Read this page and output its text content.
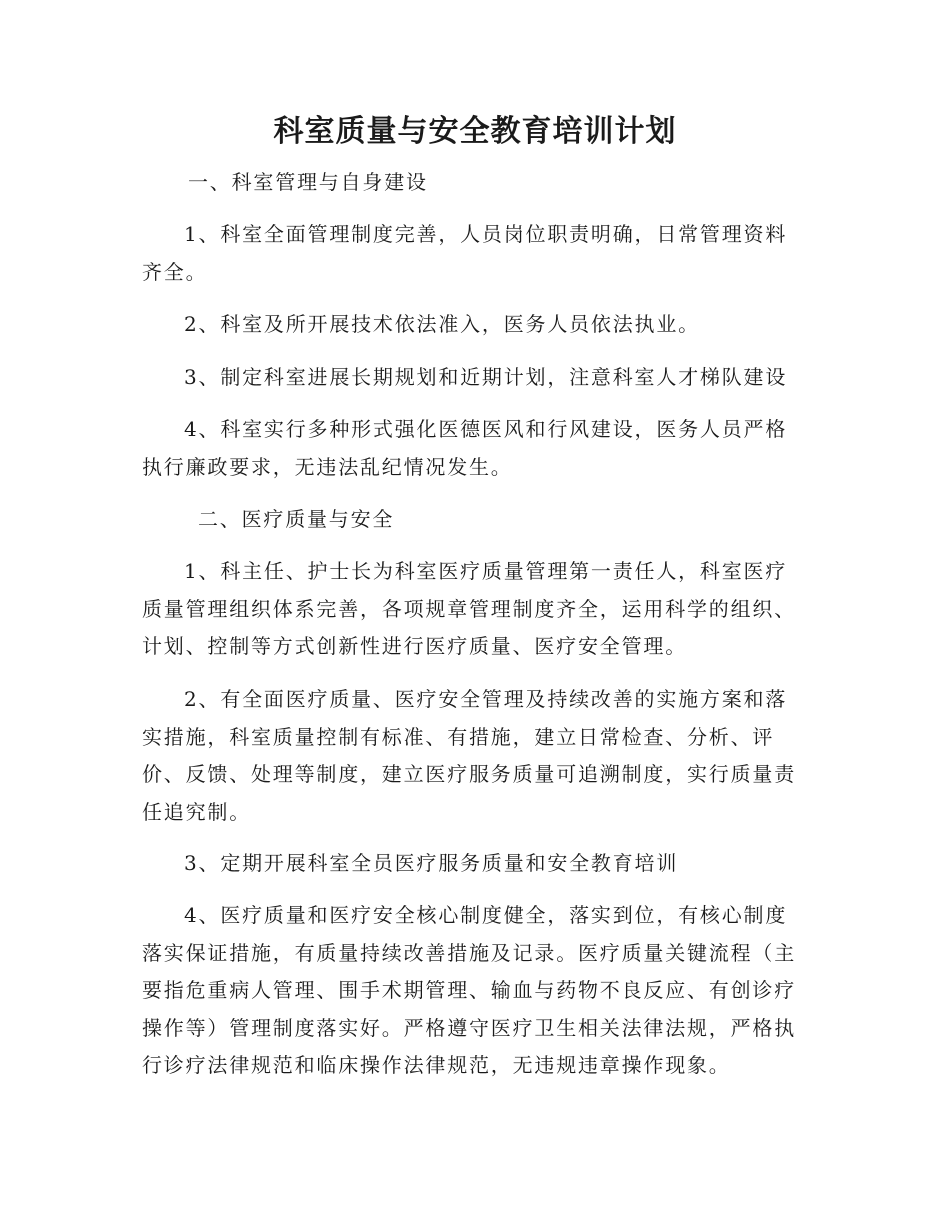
科室质量与安全教育培训计划

一、科室管理与自身建设

1、科室全面管理制度完善，人员岗位职责明确，日常管理资料齐全。

2、科室及所开展技术依法准入，医务人员依法执业。

3、制定科室进展长期规划和近期计划，注意科室人才梯队建设

4、科室实行多种形式强化医德医风和行风建设，医务人员严格执行廉政要求，无违法乱纪情况发生。

二、医疗质量与安全

1、科主任、护士长为科室医疗质量管理第一责任人，科室医疗质量管理组织体系完善，各项规章管理制度齐全，运用科学的组织、计划、控制等方式创新性进行医疗质量、医疗安全管理。

2、有全面医疗质量、医疗安全管理及持续改善的实施方案和落实措施，科室质量控制有标准、有措施，建立日常检查、分析、评价、反馈、处理等制度，建立医疗服务质量可追溯制度，实行质量责任追究制。

3、定期开展科室全员医疗服务质量和安全教育培训

4、医疗质量和医疗安全核心制度健全，落实到位，有核心制度落实保证措施，有质量持续改善措施及记录。医疗质量关键流程（主要指危重病人管理、围手术期管理、输血与药物不良反应、有创诊疗操作等）管理制度落实好。严格遵守医疗卫生相关法律法规，严格执行诊疗法律规范和临床操作法律规范，无违规违章操作现象。
